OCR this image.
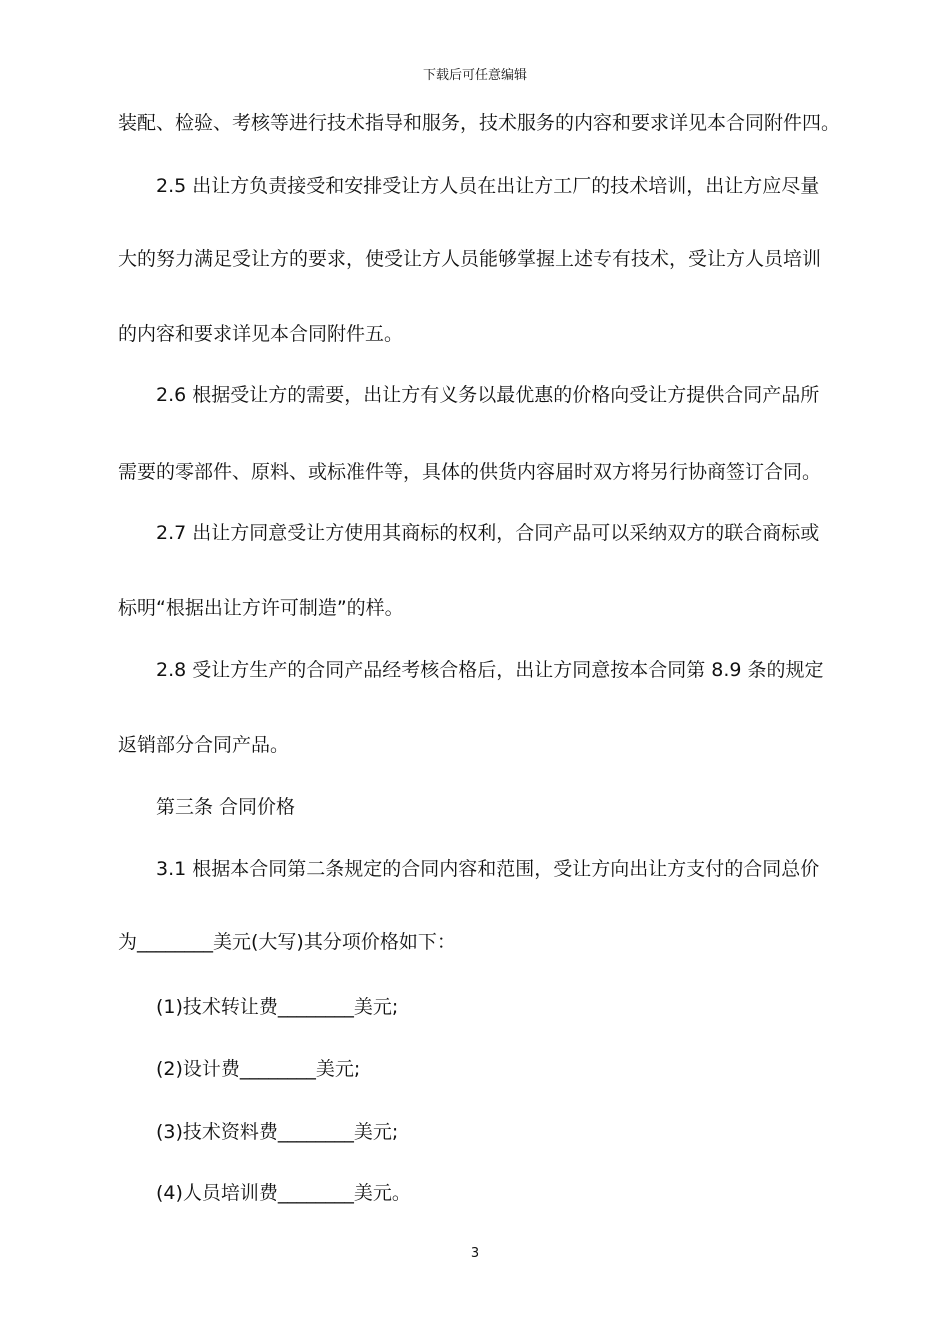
下载后可任意编辑
装配、检验、考核等进行技术指导和服务，技术服务的内容和要求详见本合同附件四。
2.5 出让方负责接受和安排受让方人员在出让方工厂的技术培训，出让方应尽量
大的努力满足受让方的要求，使受让方人员能够掌握上述专有技术，受让方人员培训
的内容和要求详见本合同附件五。
2.6 根据受让方的需要，出让方有义务以最优惠的价格向受让方提供合同产品所
需要的零部件、原料、或标准件等，具体的供货内容届时双方将另行协商签订合同。
2.7 出让方同意受让方使用其商标的权利，合同产品可以采纳双方的联合商标或
标明“根据出让方许可制造”的样。
2.8 受让方生产的合同产品经考核合格后，出让方同意按本合同第 8.9 条的规定
返销部分合同产品。
第三条 合同价格
3.1 根据本合同第二条规定的合同内容和范围，受让方向出让方支付的合同总价
为________美元(大写)其分项价格如下：
(1)技术转让费________美元;
(2)设计费________美元;
(3)技术资料费________美元;
(4)人员培训费________美元。
3
